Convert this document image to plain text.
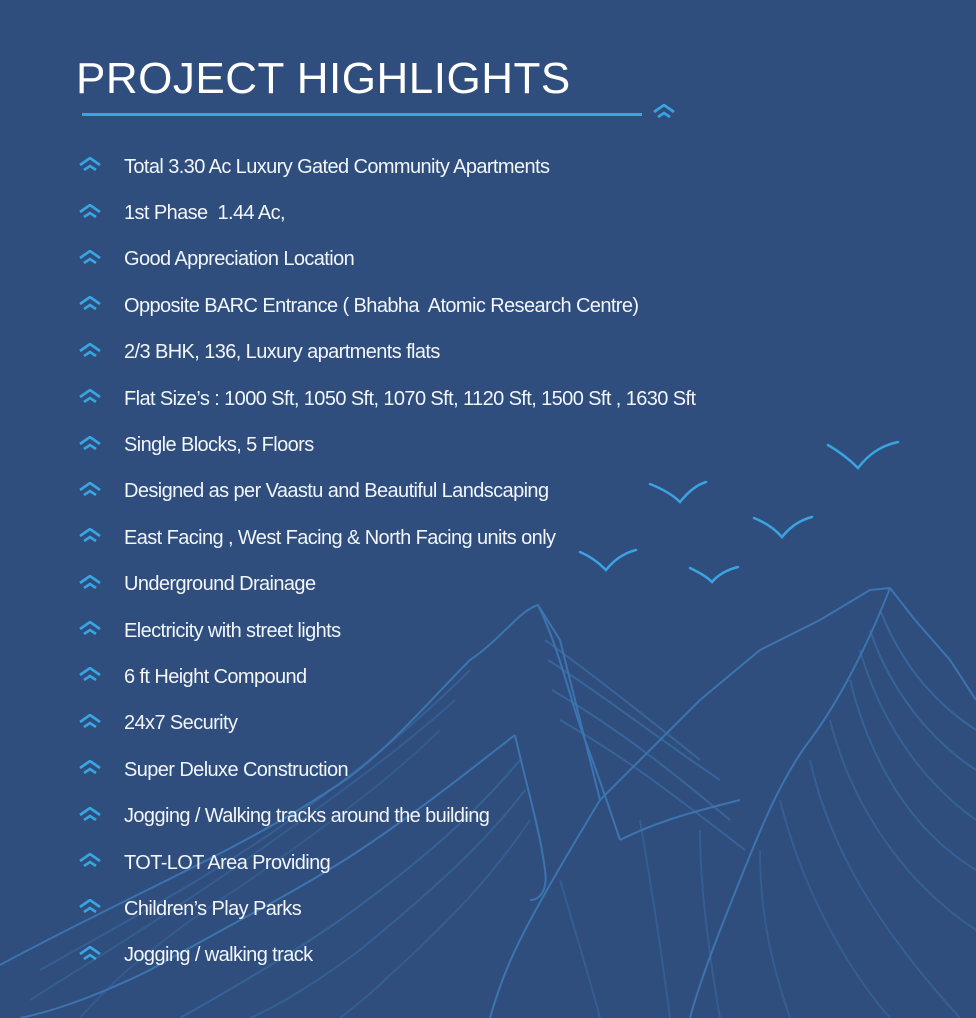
PROJECT HIGHLIGHTS
Total 3.30 Ac Luxury Gated Community Apartments
1st Phase  1.44 Ac,
Good Appreciation Location
Opposite BARC Entrance ( Bhabha  Atomic Research Centre)
2/3 BHK, 136, Luxury apartments flats
Flat Size’s : 1000 Sft, 1050 Sft, 1070 Sft, 1120 Sft, 1500 Sft , 1630 Sft
Single Blocks, 5 Floors
Designed as per Vaastu and Beautiful Landscaping
East Facing , West Facing & North Facing units only
Underground Drainage
Electricity with street lights
6 ft Height Compound
24x7 Security
Super Deluxe Construction
Jogging / Walking tracks around the building
TOT-LOT Area Providing
Children’s Play Parks
Jogging / walking track
